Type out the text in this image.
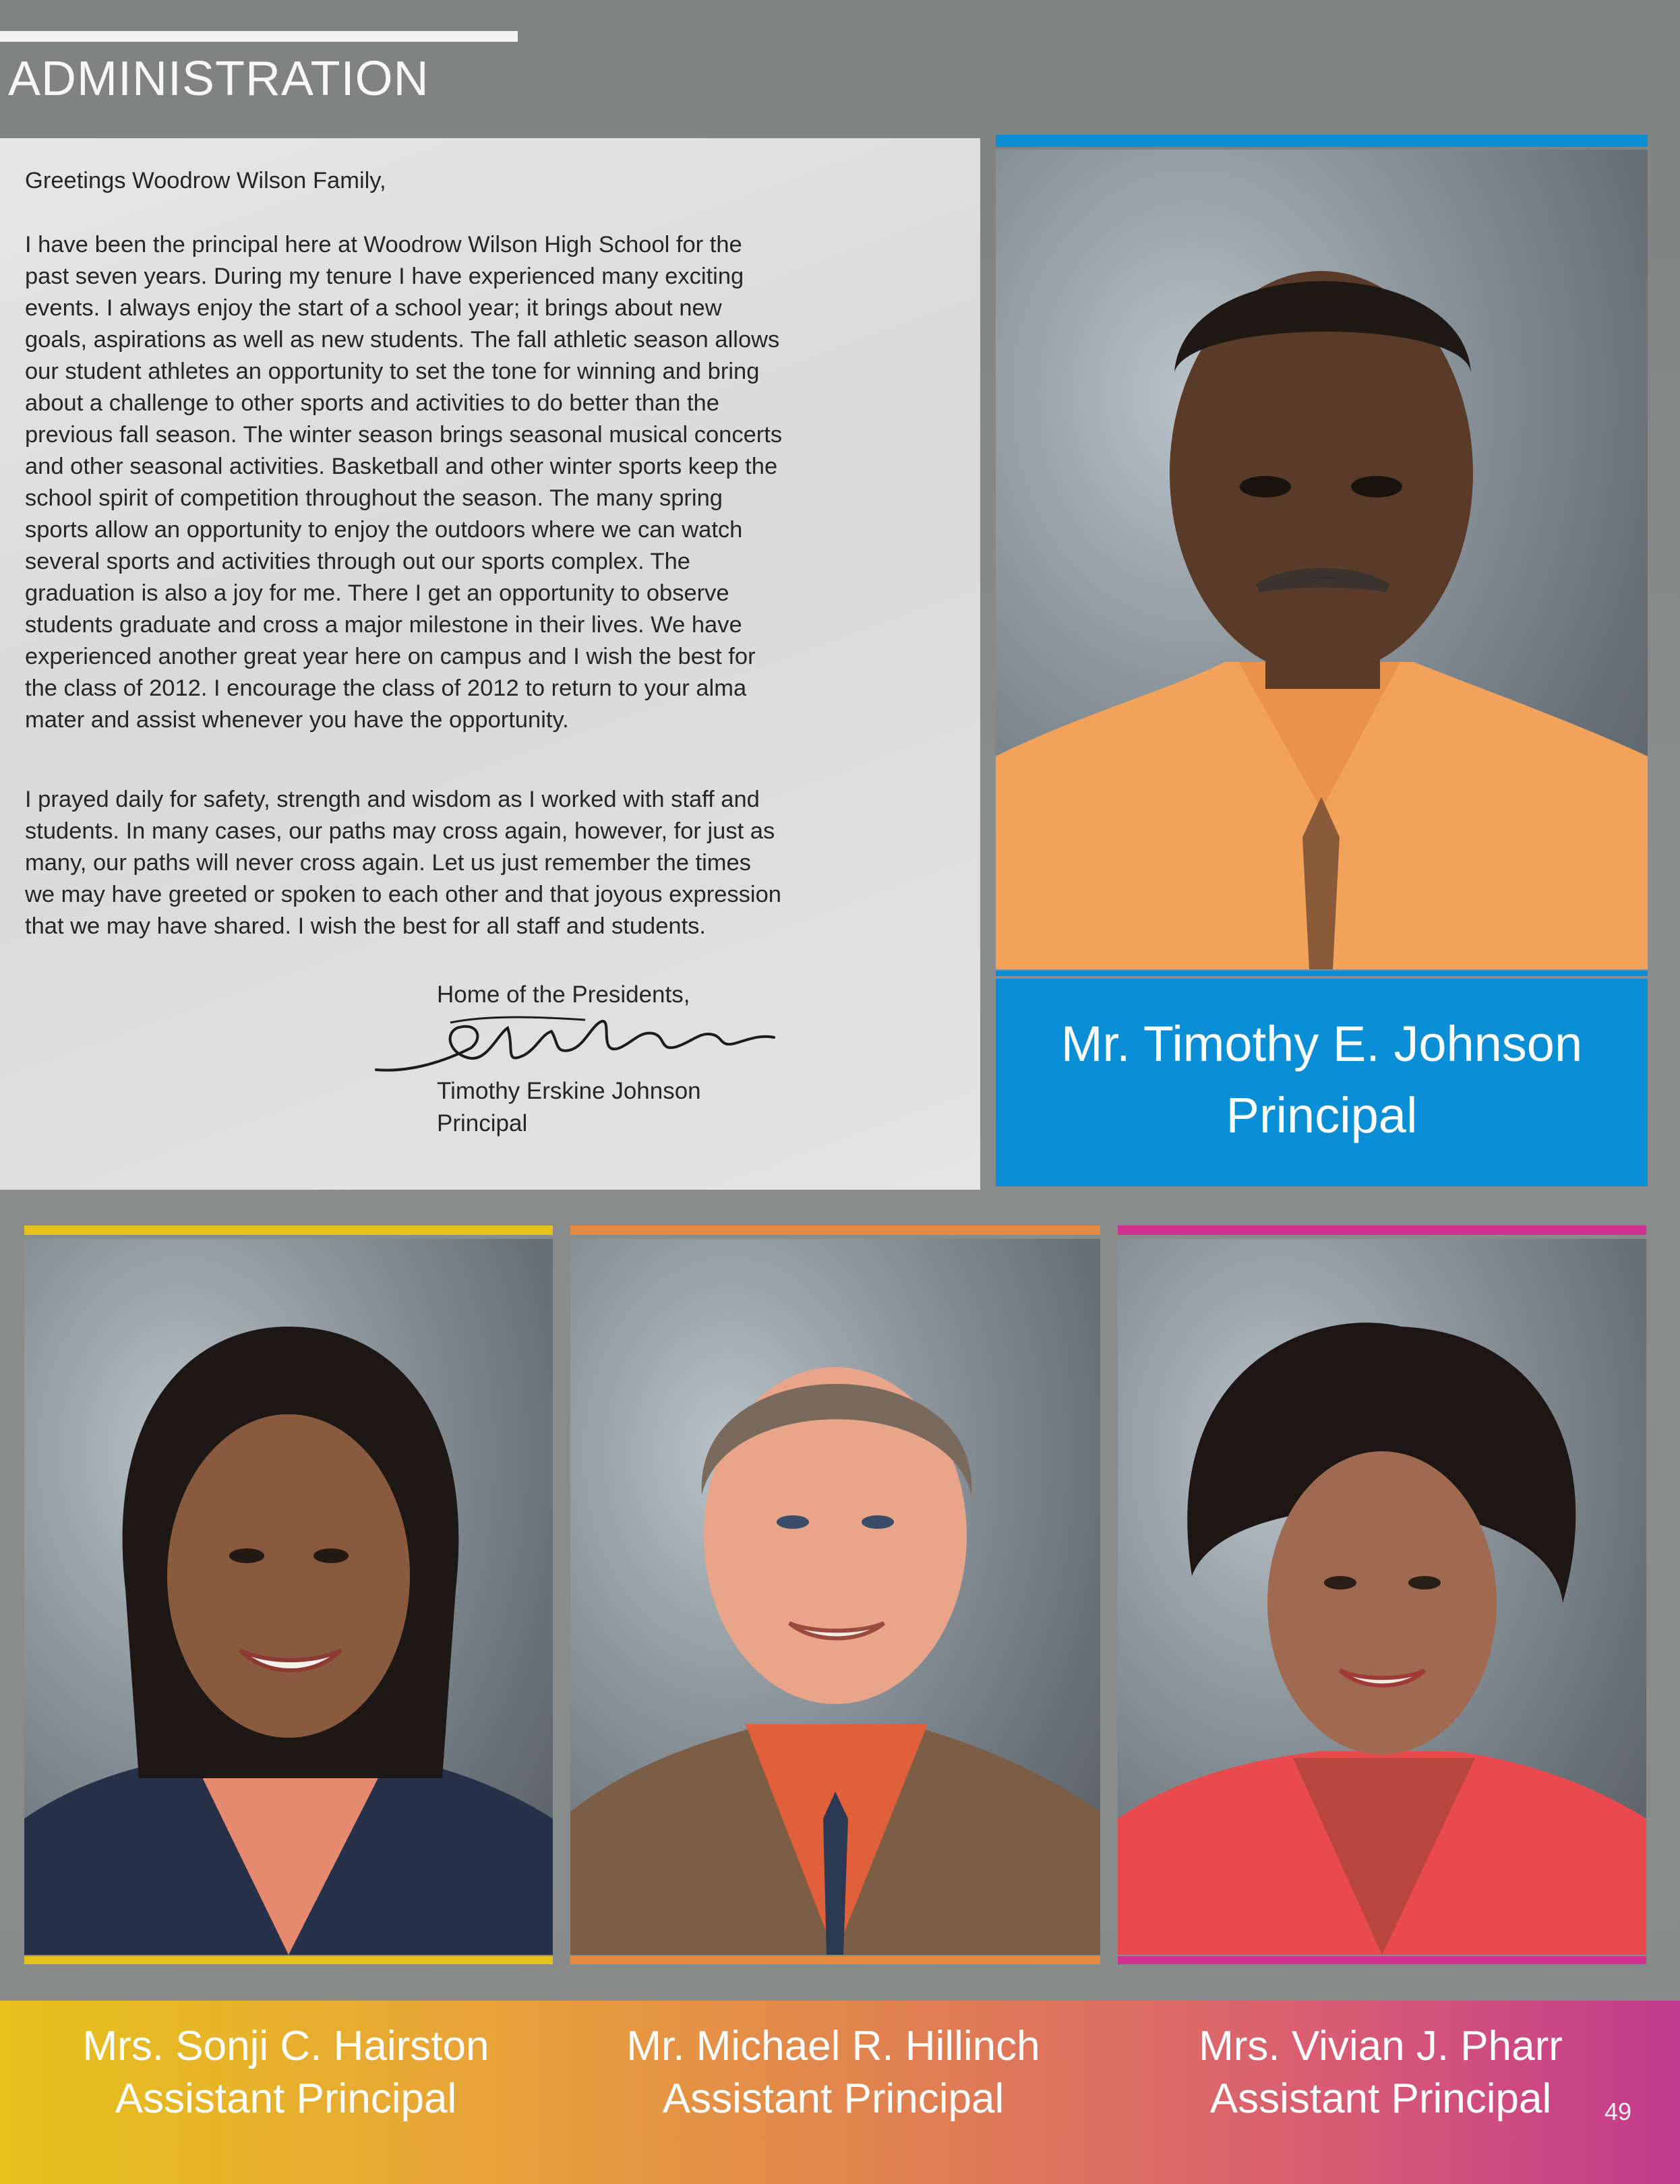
ADMINISTRATION
Greetings Woodrow Wilson Family,
I have been the principal here at Woodrow Wilson High School for the
past seven years. During my tenure I have experienced many exciting
events. I always enjoy the start of a school year; it brings about new
goals, aspirations as well as new students. The fall athletic season allows
our student athletes an opportunity to set the tone for winning and bring
about a challenge to other sports and activities to do better than the
previous fall season. The winter season brings seasonal musical concerts
and other seasonal activities. Basketball and other winter sports keep the
school spirit of competition throughout the season. The many spring
sports allow an opportunity to enjoy the outdoors where we can watch
several sports and activities through out our sports complex. The
graduation is also a joy for me. There I get an opportunity to observe
students graduate and cross a major milestone in their lives. We have
experienced another great year here on campus and I wish the best for
the class of 2012. I encourage the class of 2012 to return to your alma
mater and assist whenever you have the opportunity.
I prayed daily for safety, strength and wisdom as I worked with staff and
students. In many cases, our paths may cross again, however, for just as
many, our paths will never cross again. Let us just remember the times
we may have greeted or spoken to each other and that joyous expression
that we may have shared. I wish the best for all staff and students.
Home of the Presidents,
Timothy Erskine Johnson
Principal
Mr. Timothy E. Johnson
Principal
Mrs. Sonji C. Hairston
Assistant Principal
Mr. Michael R. Hillinch
Assistant Principal
Mrs. Vivian J. Pharr
Assistant Principal	49
